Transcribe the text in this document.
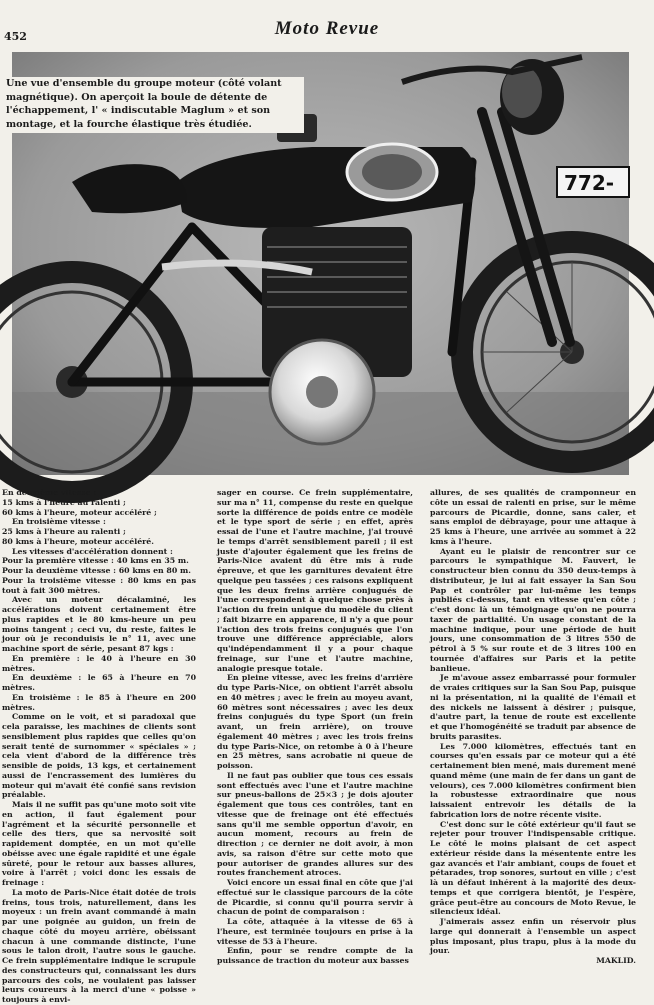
452	Moto Revue
772-
Une vue d'ensemble du groupe moteur (côté volant magnétique). On aperçoit la boule de détente de l'échappement, l' « indiscutable Maglum » et son montage, et la fourche élastique très étudiée.

En deuxième vitesse :

15 kms à l'heure au ralenti ;

60 kms à l'heure, moteur accéléré ;

En troisième vitesse :

25 kms à l'heure au ralenti ;

80 kms à l'heure, moteur accéléré.

Les vitesses d'accélération donnent :

Pour la première vitesse : 40 kms en 35 m.

Pour la deuxième vitesse : 60 kms en 80 m.

Pour la troisième vitesse : 80 kms en pas tout à fait 300 mètres.

Avec un moteur décalaminé, les accélérations doivent certainement être plus rapides et le 80 kms-heure un peu moins tangent ; ceci vu, du reste, faites le jour où je reconduisis le n° 11, avec une machine sport de série, pesant 87 kgs :

En première : le 40 à l'heure en 30 mètres.

En deuxième : le 65 à l'heure en 70 mètres.

En troisième : le 85 à l'heure en 200 mètres.

Comme on le voit, et si paradoxal que cela paraisse, les machines de clients sont sensiblement plus rapides que celles qu'on serait tenté de surnommer « spéciales » ; cela vient d'abord de la différence très sensible de poids, 13 kgs, et certainement aussi de l'encrassement des lumières du moteur qui m'avait été confié sans revision préalable.

Mais il ne suffit pas qu'une moto soit vite en action, il faut également pour l'agrément et la sécurité personnelle et celle des tiers, que sa nervosité soit rapidement domptée, en un mot qu'elle obéisse avec une égale rapidité et une égale sûreté, pour le retour aux basses allures, voire à l'arrêt ; voici donc les essais de freinage :

La moto de Paris-Nice était dotée de trois freins, tous trois, naturellement, dans les moyeux : un frein avant commandé à main par une poignée au guidon, un frein de chaque côté du moyeu arrière, obéissant chacun à une commande distincte, l'une sous le talon droit, l'autre sous le gauche. Ce frein supplémentaire indique le scrupule des constructeurs qui, connaissant les durs parcours des cols, ne voulaient pas laisser leurs coureurs à la merci d'une « poisse » toujours à envi-

sager en course. Ce frein supplémentaire, sur ma n° 11, compense du reste en quelque sorte la différence de poids entre ce modèle et le type sport de série ; en effet, après essai de l'une et l'autre machine, j'ai trouvé le temps d'arrêt sensiblement pareil ; il est juste d'ajouter également que les freins de Paris-Nice avaient dû être mis à rude épreuve, et que les garnitures devaient être quelque peu tassées ; ces raisons expliquent que les deux freins arrière conjugués de l'une correspondent à quelque chose près à l'action du frein unique du modèle du client ; fait bizarre en apparence, il n'y a que pour l'action des trois freins conjugués que l'on trouve une différence appréciable, alors qu'indépendamment il y a pour chaque freinage, sur l'une et l'autre machine, analogie presque totale.

En pleine vitesse, avec les freins d'arrière du type Paris-Nice, on obtient l'arrêt absolu en 40 mètres ; avec le frein au moyeu avant, 60 mètres sont nécessaires ; avec les deux freins conjugués du type Sport (un frein avant, un frein arrière), on trouve également 40 mètres ; avec les trois freins du type Paris-Nice, on retombe à 0 à l'heure en 25 mètres, sans acrobatie ni queue de poisson.

Il ne faut pas oublier que tous ces essais sont effectués avec l'une et l'autre machine sur pneus-ballons de 25×3 ; je dois ajouter également que tous ces contrôles, tant en vitesse que de freinage ont été effectués sans qu'il me semble opportun d'avoir, en aucun moment, recours au frein de direction ; ce dernier ne doit avoir, à mon avis, sa raison d'être sur cette moto que pour autoriser de grandes allures sur des routes franchement atroces.

Voici encore un essai final en côte que j'ai effectué sur le classique parcours de la côte de Picardie, si connu qu'il pourra servir à chacun de point de comparaison :

La côte, attaquée à la vitesse de 65 à l'heure, est terminée toujours en prise à la vitesse de 53 à l'heure.

Enfin, pour se rendre compte de la puissance de traction du moteur aux basses

allures, de ses qualités de cramponneur en côte un essai de ralenti en prise, sur le même parcours de Picardie, donne, sans caler, et sans emploi de débrayage, pour une attaque à 25 kms à l'heure, une arrivée au sommet à 22 kms à l'heure.

Ayant eu le plaisir de rencontrer sur ce parcours le sympathique M. Fauvert, le constructeur bien connu du 350 deux-temps à distributeur, je lui ai fait essayer la San Sou Pap et contrôler par lui-même les temps publiés ci-dessus, tant en vitesse qu'en côte ; c'est donc là un témoignage qu'on ne pourra taxer de partialité. Un usage constant de la machine indique, pour une période de huit jours, une consommation de 3 litres 550 de pétrol à 5 % sur route et de 3 litres 100 en tournée d'affaires sur Paris et la petite banlieue.

Je m'avoue assez embarrassé pour formuler de vraies critiques sur la San Sou Pap, puisque ni la présentation, ni la qualité de l'émail et des nickels ne laissent à désirer ; puisque, d'autre part, la tenue de route est excellente et que l'homogénéité se traduit par absence de bruits parasites.

Les 7.000 kilomètres, effectués tant en courses qu'en essais par ce moteur qui a été certainement bien mené, mais durement mené quand même (une main de fer dans un gant de velours), ces 7.000 kilomètres confirment bien la robustesse extraordinaire que nous laissaient entrevoir les détails de la fabrication lors de notre récente visite.

C'est donc sur le côté extérieur qu'il faut se rejeter pour trouver l'indispensable critique. Le côté le moins plaisant de cet aspect extérieur réside dans la mésentente entre les gaz avancés et l'air ambiant, coups de fouet et pétarades, trop sonores, surtout en ville ; c'est là un défaut inhérent à la majorité des deux-temps et que corrigera bientôt, je l'espère, grâce peut-être au concours de Moto Revue, le silencieux idéal.

J'aimerais assez enfin un réservoir plus large qui donnerait à l'ensemble un aspect plus imposant, plus trapu, plus à la mode du jour.

MAKLID.
